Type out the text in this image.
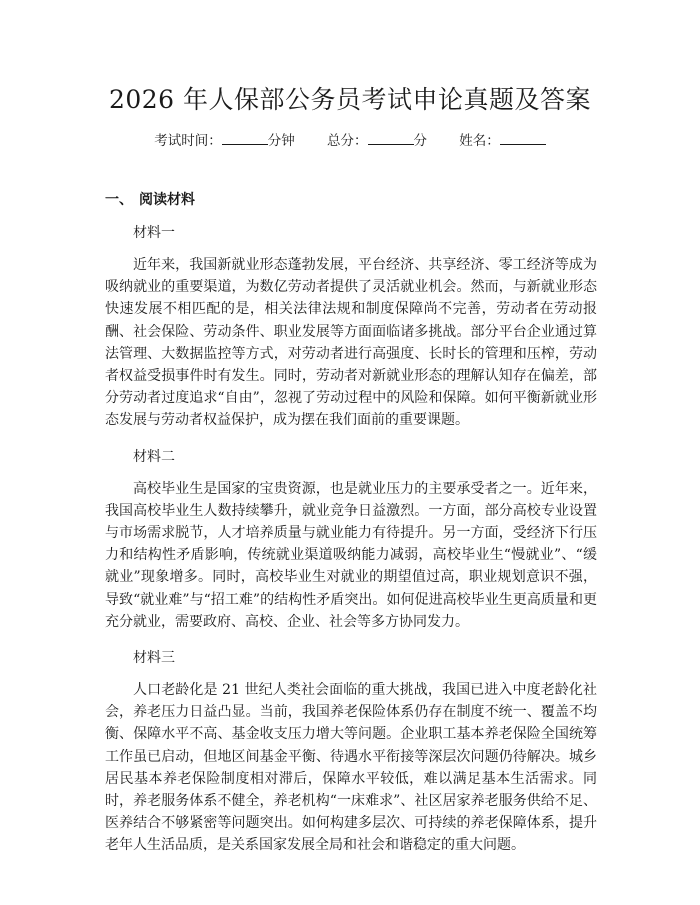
2026 年人保部公务员考试申论真题及答案
考试时间：	分钟 总分：	分 姓名：
一、 阅读材料
材料一

近年来，我国新就业形态蓬勃发展，平台经济、共享经济、零工经济等成为吸纳就业的重要渠道，为数亿劳动者提供了灵活就业机会。然而，与新就业形态快速发展不相匹配的是，相关法律法规和制度保障尚不完善，劳动者在劳动报酬、社会保险、劳动条件、职业发展等方面面临诸多挑战。部分平台企业通过算法管理、大数据监控等方式，对劳动者进行高强度、长时长的管理和压榨，劳动者权益受损事件时有发生。同时，劳动者对新就业形态的理解认知存在偏差，部分劳动者过度追求“自由”，忽视了劳动过程中的风险和保障。如何平衡新就业形态发展与劳动者权益保护，成为摆在我们面前的重要课题。

材料二

高校毕业生是国家的宝贵资源，也是就业压力的主要承受者之一。近年来，我国高校毕业生人数持续攀升，就业竞争日益激烈。一方面，部分高校专业设置与市场需求脱节，人才培养质量与就业能力有待提升。另一方面，受经济下行压力和结构性矛盾影响，传统就业渠道吸纳能力减弱，高校毕业生“慢就业”、“缓就业”现象增多。同时，高校毕业生对就业的期望值过高，职业规划意识不强，导致“就业难”与“招工难”的结构性矛盾突出。如何促进高校毕业生更高质量和更充分就业，需要政府、高校、企业、社会等多方协同发力。

材料三

人口老龄化是 21 世纪人类社会面临的重大挑战，我国已进入中度老龄化社会，养老压力日益凸显。当前，我国养老保险体系仍存在制度不统一、覆盖不均衡、保障水平不高、基金收支压力增大等问题。企业职工基本养老保险全国统筹工作虽已启动，但地区间基金平衡、待遇水平衔接等深层次问题仍待解决。城乡居民基本养老保险制度相对滞后，保障水平较低，难以满足基本生活需求。同时，养老服务体系不健全，养老机构“一床难求”、社区居家养老服务供给不足、医养结合不够紧密等问题突出。如何构建多层次、可持续的养老保障体系，提升老年人生活品质，是关系国家发展全局和社会和谐稳定的重大问题。
